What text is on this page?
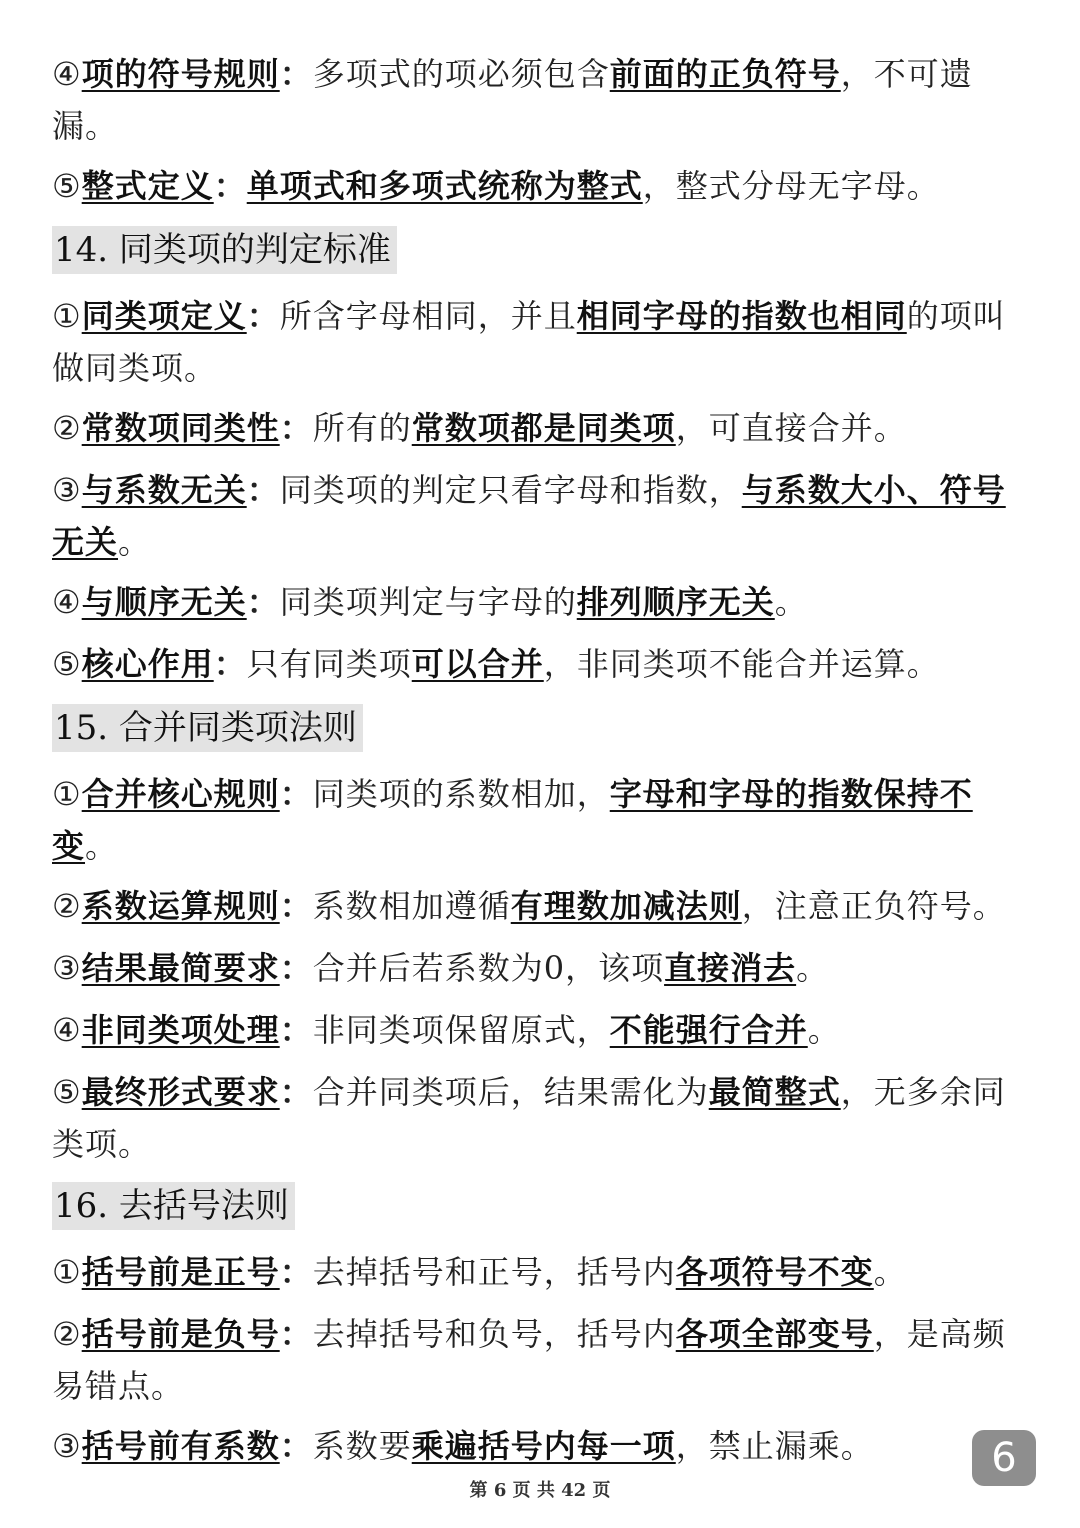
④项的符号规则：多项式的项必须包含前面的正负符号，不可遗漏。

⑤整式定义：单项式和多项式统称为整式，整式分母无字母。

14. 同类项的判定标准

①同类项定义：所含字母相同，并且相同字母的指数也相同的项叫做同类项。

②常数项同类性：所有的常数项都是同类项，可直接合并。

③与系数无关：同类项的判定只看字母和指数，与系数大小、符号无关。

④与顺序无关：同类项判定与字母的排列顺序无关。

⑤核心作用：只有同类项可以合并，非同类项不能合并运算。

15. 合并同类项法则

①合并核心规则：同类项的系数相加，字母和字母的指数保持不变。

②系数运算规则：系数相加遵循有理数加减法则，注意正负符号。

③结果最简要求：合并后若系数为0，该项直接消去。

④非同类项处理：非同类项保留原式，不能强行合并。

⑤最终形式要求：合并同类项后，结果需化为最简整式，无多余同类项。

16. 去括号法则

①括号前是正号：去掉括号和正号，括号内各项符号不变。

②括号前是负号：去掉括号和负号，括号内各项全部变号，是高频易错点。

③括号前有系数：系数要乘遍括号内每一项，禁止漏乘。	6
第 6 页 共 42 页
